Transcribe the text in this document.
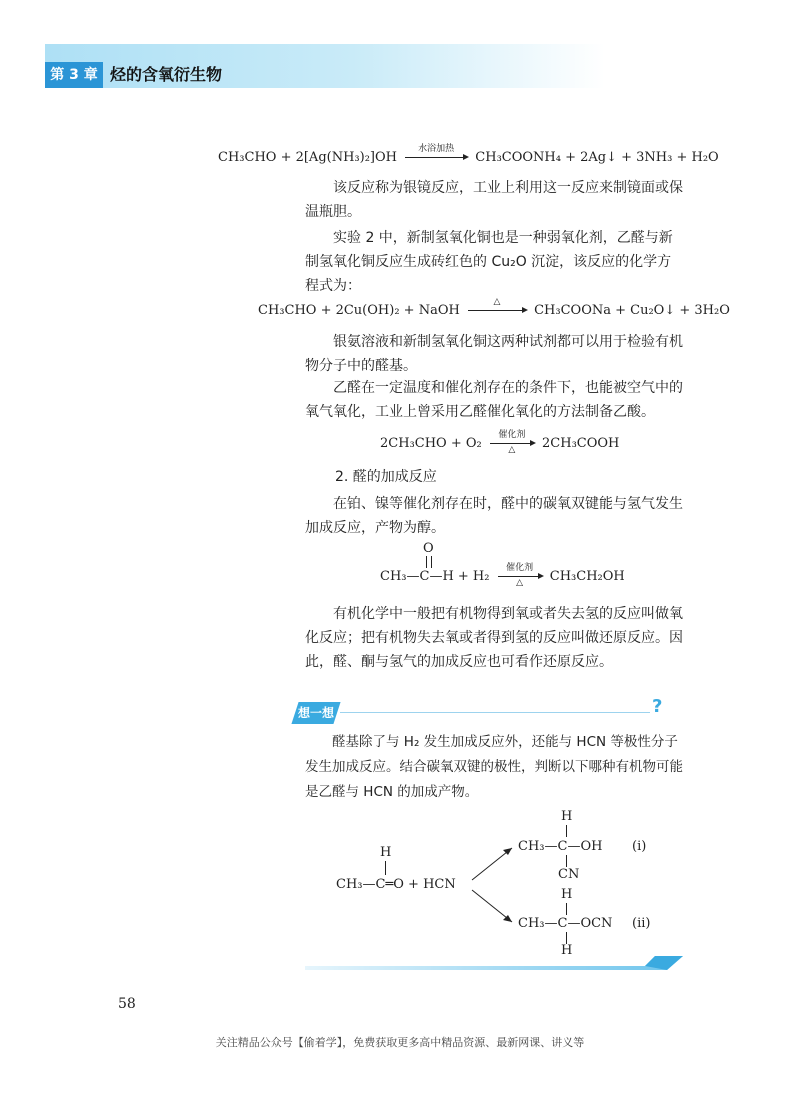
第 3 章 烃的含氧衍生物
CH₃CHO + 2[Ag(NH₃)₂]OH
水浴加热
CH₃COONH₄ + 2Ag↓ + 3NH₃ + H₂O
该反应称为银镜反应，工业上利用这一反应来制镜面或保温瓶胆。
实验 2 中，新制氢氧化铜也是一种弱氧化剂，乙醛与新制氢氧化铜反应生成砖红色的 Cu₂O 沉淀，该反应的化学方程式为：
CH₃CHO + 2Cu(OH)₂ + NaOH
△
CH₃COONa + Cu₂O↓ + 3H₂O
银氨溶液和新制氢氧化铜这两种试剂都可以用于检验有机物分子中的醛基。
乙醛在一定温度和催化剂存在的条件下，也能被空气中的氧气氧化，工业上曾采用乙醛催化氧化的方法制备乙酸。
2CH₃CHO + O₂
催化剂
△	2CH₃COOH
2. 醛的加成反应
在铂、镍等催化剂存在时，醛中的碳氧双键能与氢气发生加成反应，产物为醇。
O
CH₃—C—H + H₂
催化剂
△	CH₃CH₂OH
有机化学中一般把有机物得到氧或者失去氢的反应叫做氧化反应；把有机物失去氧或者得到氢的反应叫做还原反应。因此，醛、酮与氢气的加成反应也可看作还原反应。
想一想	?
醛基除了与 H₂ 发生加成反应外，还能与 HCN 等极性分子发生加成反应。结合碳氧双键的极性，判断以下哪种有机物可能是乙醛与 HCN 的加成产物。
H
CH₃—C═O + HCN
H
CH₃—C—OH
CN
(i)
H
CH₃—C—OCN
H
(ii)
58
关注精品公众号【偷着学】，免费获取更多高中精品资源、最新网课、讲义等
